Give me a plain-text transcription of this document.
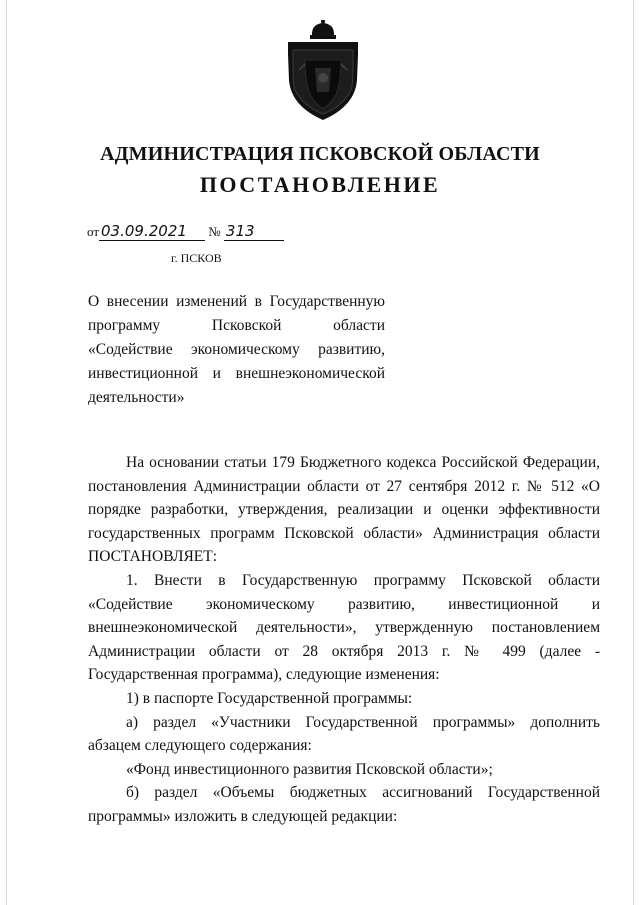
АДМИНИСТРАЦИЯ ПСКОВСКОЙ ОБЛАСТИ
ПОСТАНОВЛЕНИЕ
от 03.09.2021 № 313
г. ПСКОВ
О внесении изменений в Государственную
программу Псковской области
«Содействие экономическому развитию,
инвестиционной и внешнеэкономической
деятельности»

На основании статьи 179 Бюджетного кодекса Российской Федерации, постановления Администрации области от 27 сентября 2012 г. № 512 «О порядке разработки, утверждения, реализации и оценки эффективности государственных программ Псковской области» Администрация области ПОСТАНОВЛЯЕТ:

1. Внести в Государственную программу Псковской области «Содействие экономическому развитию, инвестиционной и внешнеэкономической деятельности», утвержденную постановлением Администрации области от 28 октября 2013 г. № 499 (далее - Государственная программа), следующие изменения:

1) в паспорте Государственной программы:

а) раздел «Участники Государственной программы» дополнить абзацем следующего содержания:

«Фонд инвестиционного развития Псковской области»;

б) раздел «Объемы бюджетных ассигнований Государственной программы» изложить в следующей редакции:
